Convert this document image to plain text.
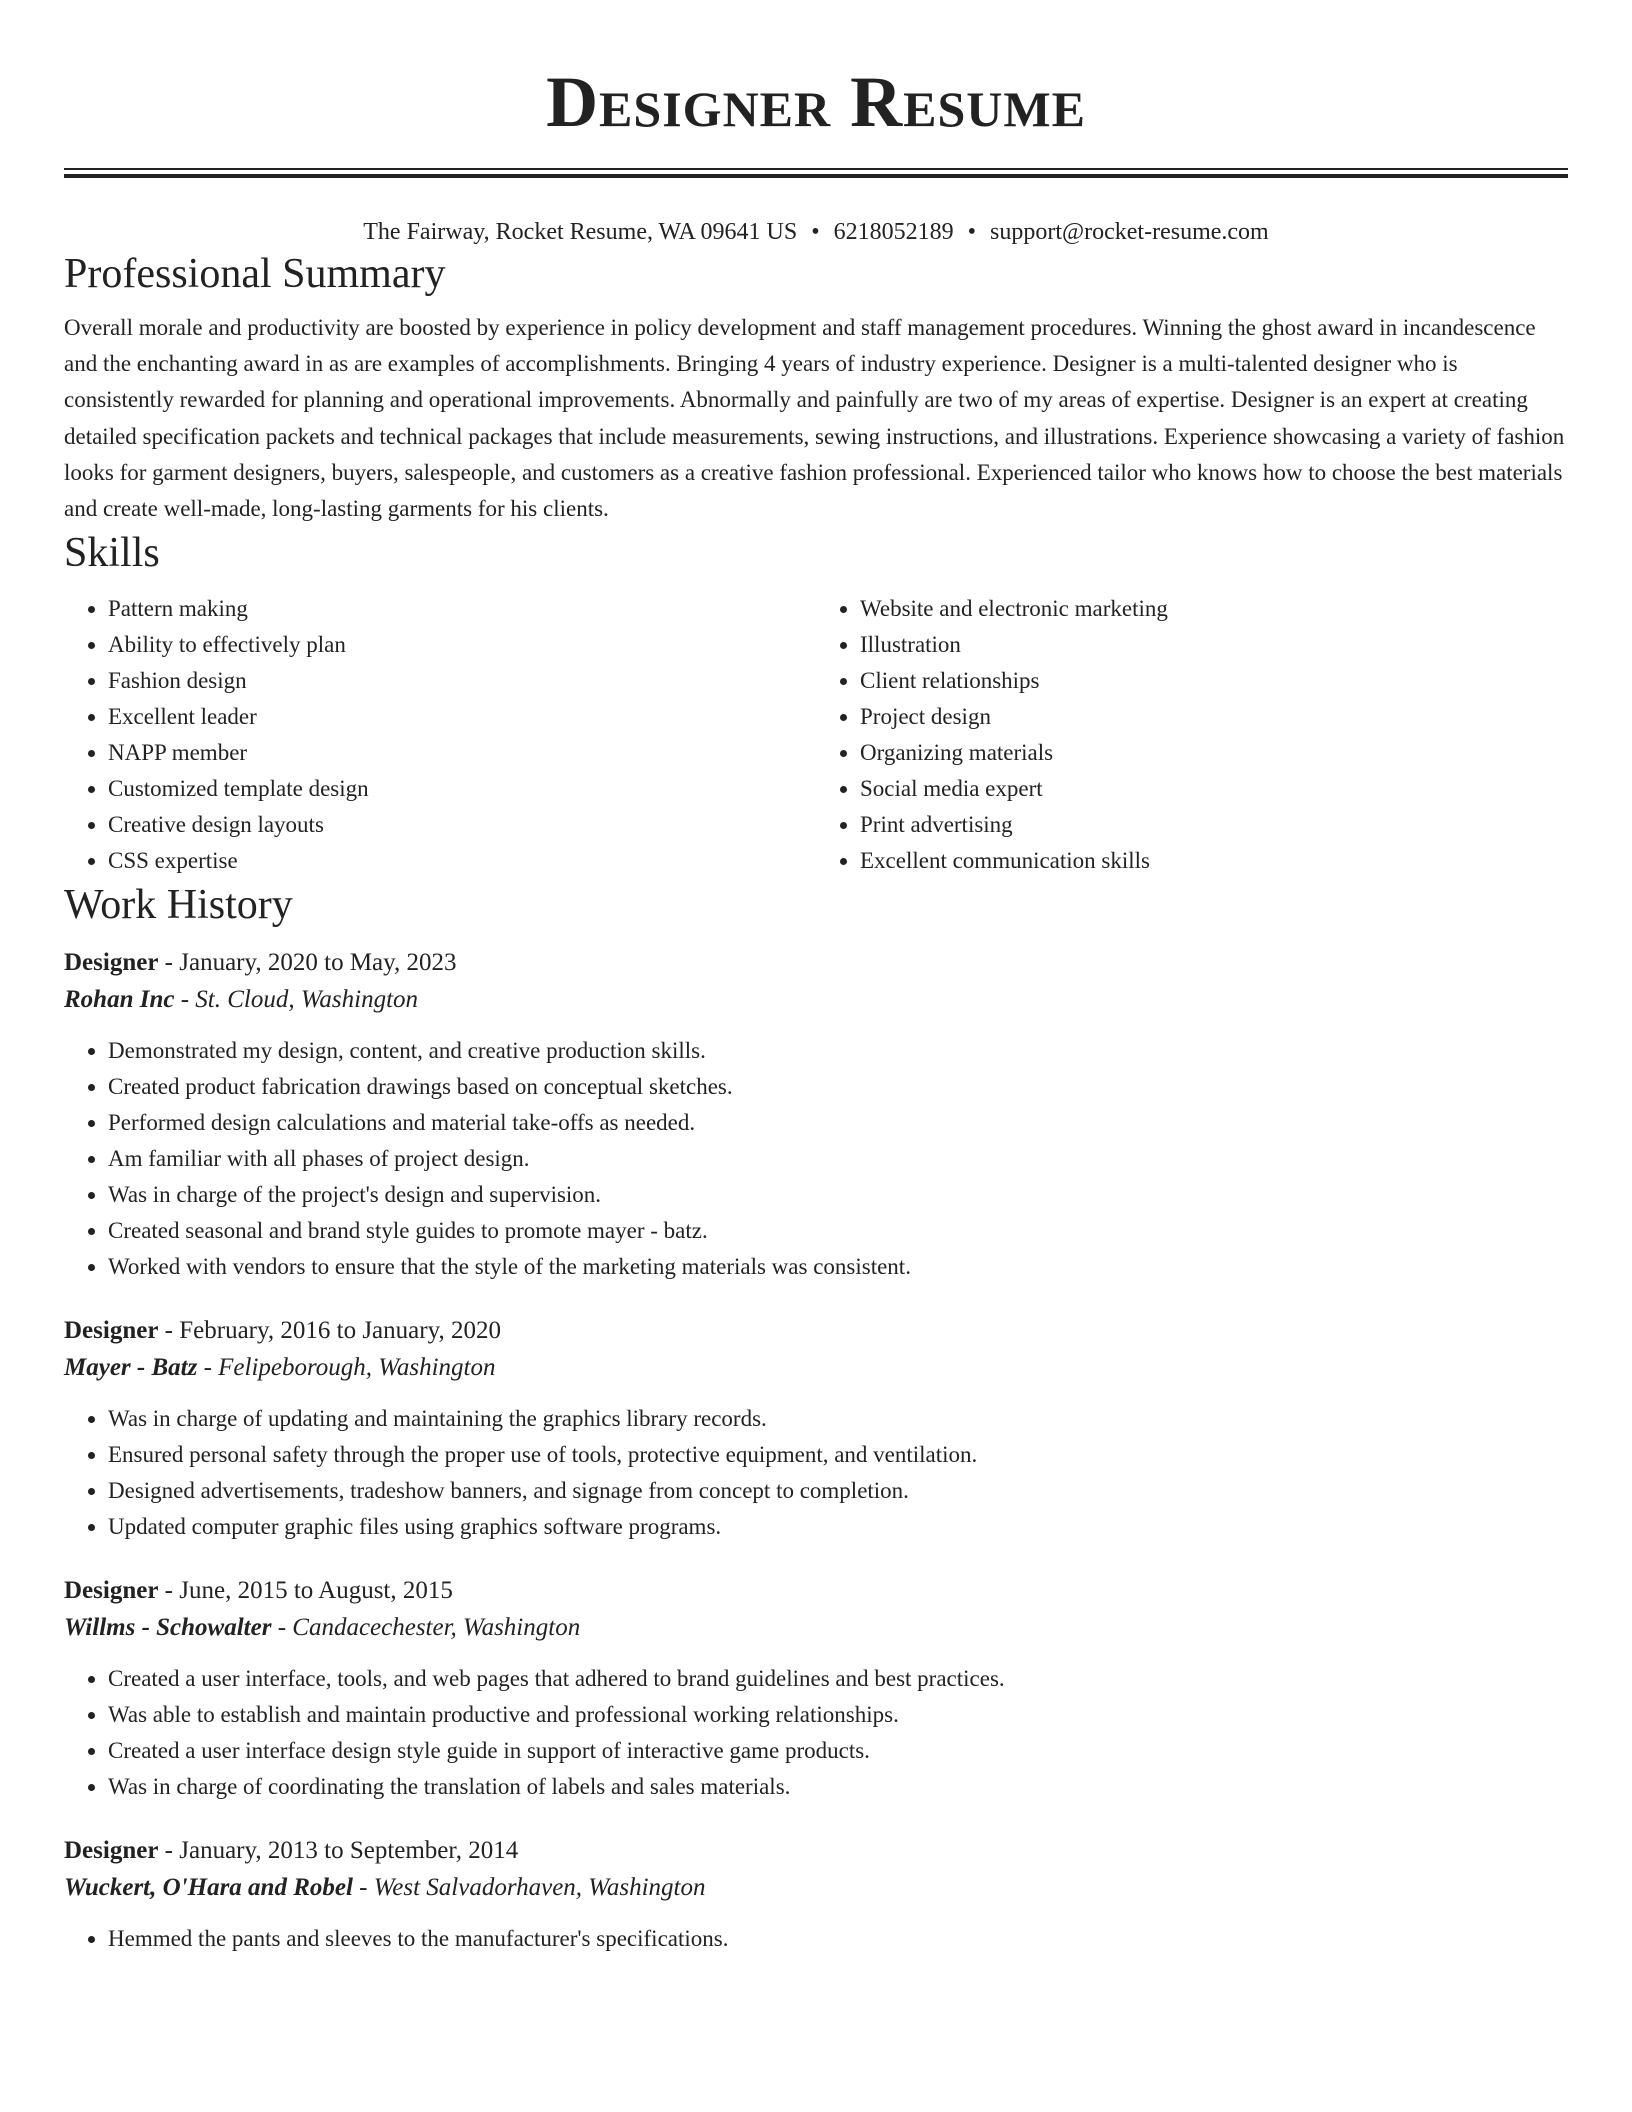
Designer Resume
The Fairway, Rocket Resume, WA 09641 US • 6218052189 • support@rocket-resume.com
Professional Summary

Overall morale and productivity are boosted by experience in policy development and staff management procedures. Winning the ghost award in incandescence and the enchanting award in as are examples of accomplishments. Bringing 4 years of industry experience. Designer is a multi-talented designer who is consistently rewarded for planning and operational improvements. Abnormally and painfully are two of my areas of expertise. Designer is an expert at creating detailed specification packets and technical packages that include measurements, sewing instructions, and illustrations. Experience showcasing a variety of fashion looks for garment designers, buyers, salespeople, and customers as a creative fashion professional. Experienced tailor who knows how to choose the best materials and create well-made, long-lasting garments for his clients.

Skills
• Pattern making
• Ability to effectively plan
• Fashion design
• Excellent leader
• NAPP member
• Customized template design
• Creative design layouts
• CSS expertise
• Website and electronic marketing
• Illustration
• Client relationships
• Project design
• Organizing materials
• Social media expert
• Print advertising
• Excellent communication skills
Work History
Designer - January, 2020 to May, 2023
Rohan Inc - St. Cloud, Washington
• Demonstrated my design, content, and creative production skills.
• Created product fabrication drawings based on conceptual sketches.
• Performed design calculations and material take-offs as needed.
• Am familiar with all phases of project design.
• Was in charge of the project's design and supervision.
• Created seasonal and brand style guides to promote mayer - batz.
• Worked with vendors to ensure that the style of the marketing materials was consistent.
Designer - February, 2016 to January, 2020
Mayer - Batz - Felipeborough, Washington
• Was in charge of updating and maintaining the graphics library records.
• Ensured personal safety through the proper use of tools, protective equipment, and ventilation.
• Designed advertisements, tradeshow banners, and signage from concept to completion.
• Updated computer graphic files using graphics software programs.
Designer - June, 2015 to August, 2015
Willms - Schowalter - Candacechester, Washington
• Created a user interface, tools, and web pages that adhered to brand guidelines and best practices.
• Was able to establish and maintain productive and professional working relationships.
• Created a user interface design style guide in support of interactive game products.
• Was in charge of coordinating the translation of labels and sales materials.
Designer - January, 2013 to September, 2014
Wuckert, O'Hara and Robel - West Salvadorhaven, Washington
• Hemmed the pants and sleeves to the manufacturer's specifications.
